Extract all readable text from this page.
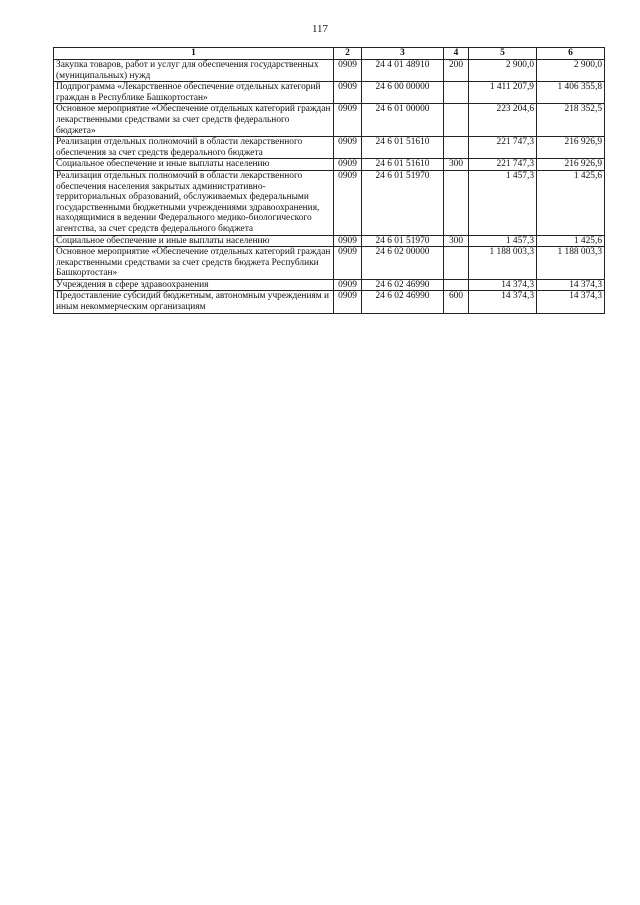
117
1	2	3	4	5	6
Закупка товаров, работ и услуг для обеспечения государственных (муниципальных) нужд	0909	24 4 01 48910	200	2 900,0	2 900,0
Подпрограмма «Лекарственное обеспечение отдельных категорий граждан в Республике Башкортостан»	0909	24 6 00 00000		1 411 207,9	1 406 355,8
Основное мероприятие «Обеспечение отдельных категорий граждан лекарственными средствами за счет средств федерального бюджета»	0909	24 6 01 00000		223 204,6	218 352,5
Реализация отдельных полномочий в области лекарственного обеспечения за счет средств федерального бюджета	0909	24 6 01 51610		221 747,3	216 926,9
Социальное обеспечение и иные выплаты населению	0909	24 6 01 51610	300	221 747,3	216 926,9
Реализация отдельных полномочий в области лекарственного обеспечения населения закрытых административно-территориальных образований, обслуживаемых федеральными государственными бюджетными учреждениями здравоохранения, находящимися в ведении Федерального медико-биологического агентства, за счет средств федерального бюджета	0909	24 6 01 51970		1 457,3	1 425,6
Социальное обеспечение и иные выплаты населению	0909	24 6 01 51970	300	1 457,3	1 425,6
Основное мероприятие «Обеспечение отдельных категорий граждан лекарственными средствами за счет средств бюджета Республики Башкортостан»	0909	24 6 02 00000		1 188 003,3	1 188 003,3
Учреждения в сфере здравоохранения	0909	24 6 02 46990		14 374,3	14 374,3
Предоставление субсидий бюджетным, автономным учреждениям и иным некоммерческим организациям	0909	24 6 02 46990	600	14 374,3	14 374,3
